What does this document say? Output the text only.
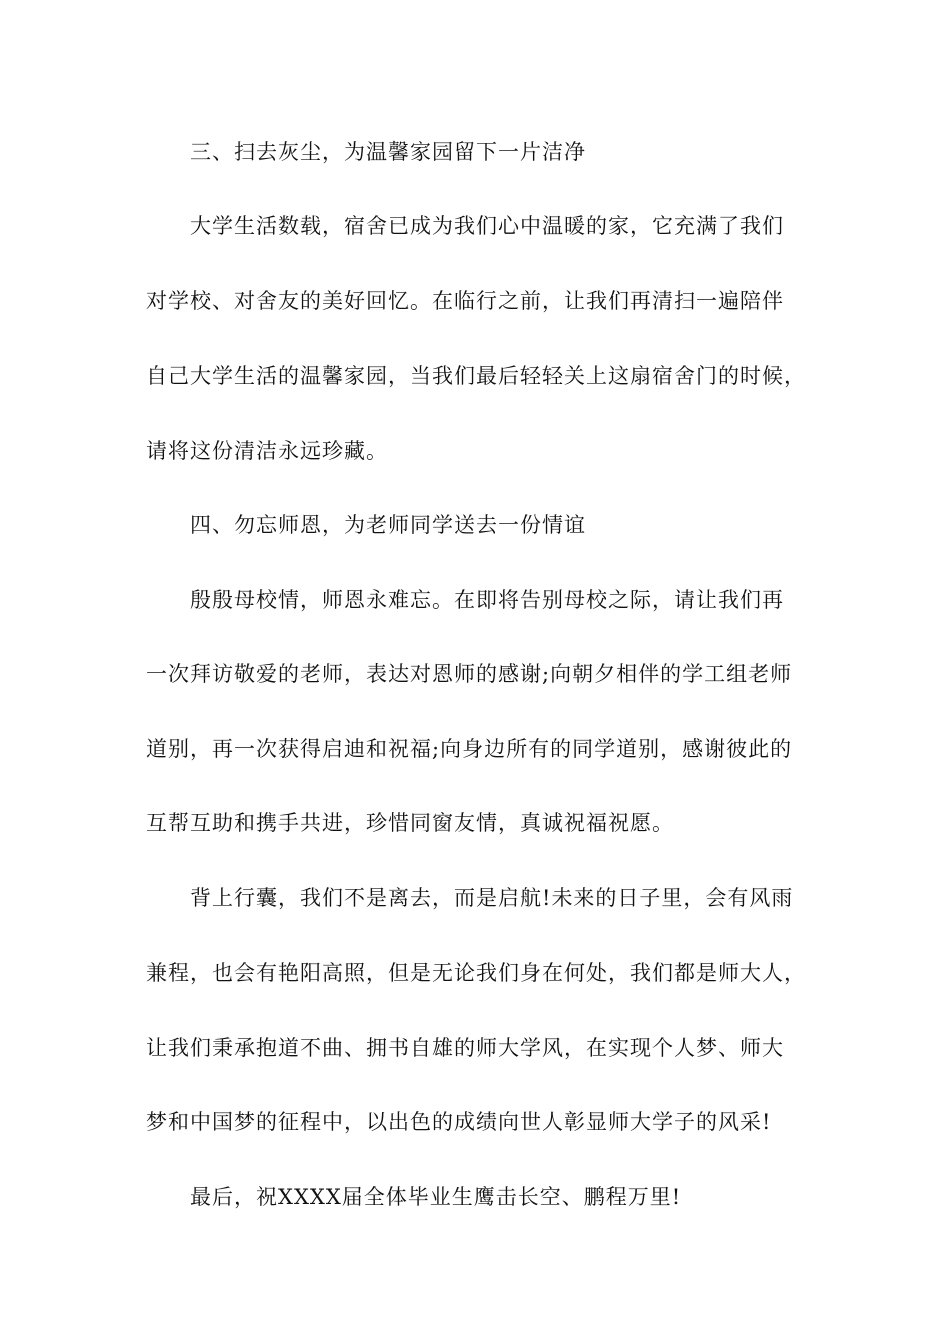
三、扫去灰尘，为温馨家园留下一片洁净
大学生活数载，宿舍已成为我们心中温暖的家，它充满了我们
对学校、对舍友的美好回忆。在临行之前，让我们再清扫一遍陪伴
自己大学生活的温馨家园，当我们最后轻轻关上这扇宿舍门的时候，
请将这份清洁永远珍藏。
四、勿忘师恩，为老师同学送去一份情谊
殷殷母校情，师恩永难忘。在即将告别母校之际，请让我们再
一次拜访敬爱的老师，表达对恩师的感谢;向朝夕相伴的学工组老师
道别，再一次获得启迪和祝福;向身边所有的同学道别，感谢彼此的
互帮互助和携手共进，珍惜同窗友情，真诚祝福祝愿。
背上行囊，我们不是离去，而是启航!未来的日子里，会有风雨
兼程，也会有艳阳高照，但是无论我们身在何处，我们都是师大人，
让我们秉承抱道不曲、拥书自雄的师大学风，在实现个人梦、师大
梦和中国梦的征程中，以出色的成绩向世人彰显师大学子的风采!
最后，祝XXXX届全体毕业生鹰击长空、鹏程万里!
